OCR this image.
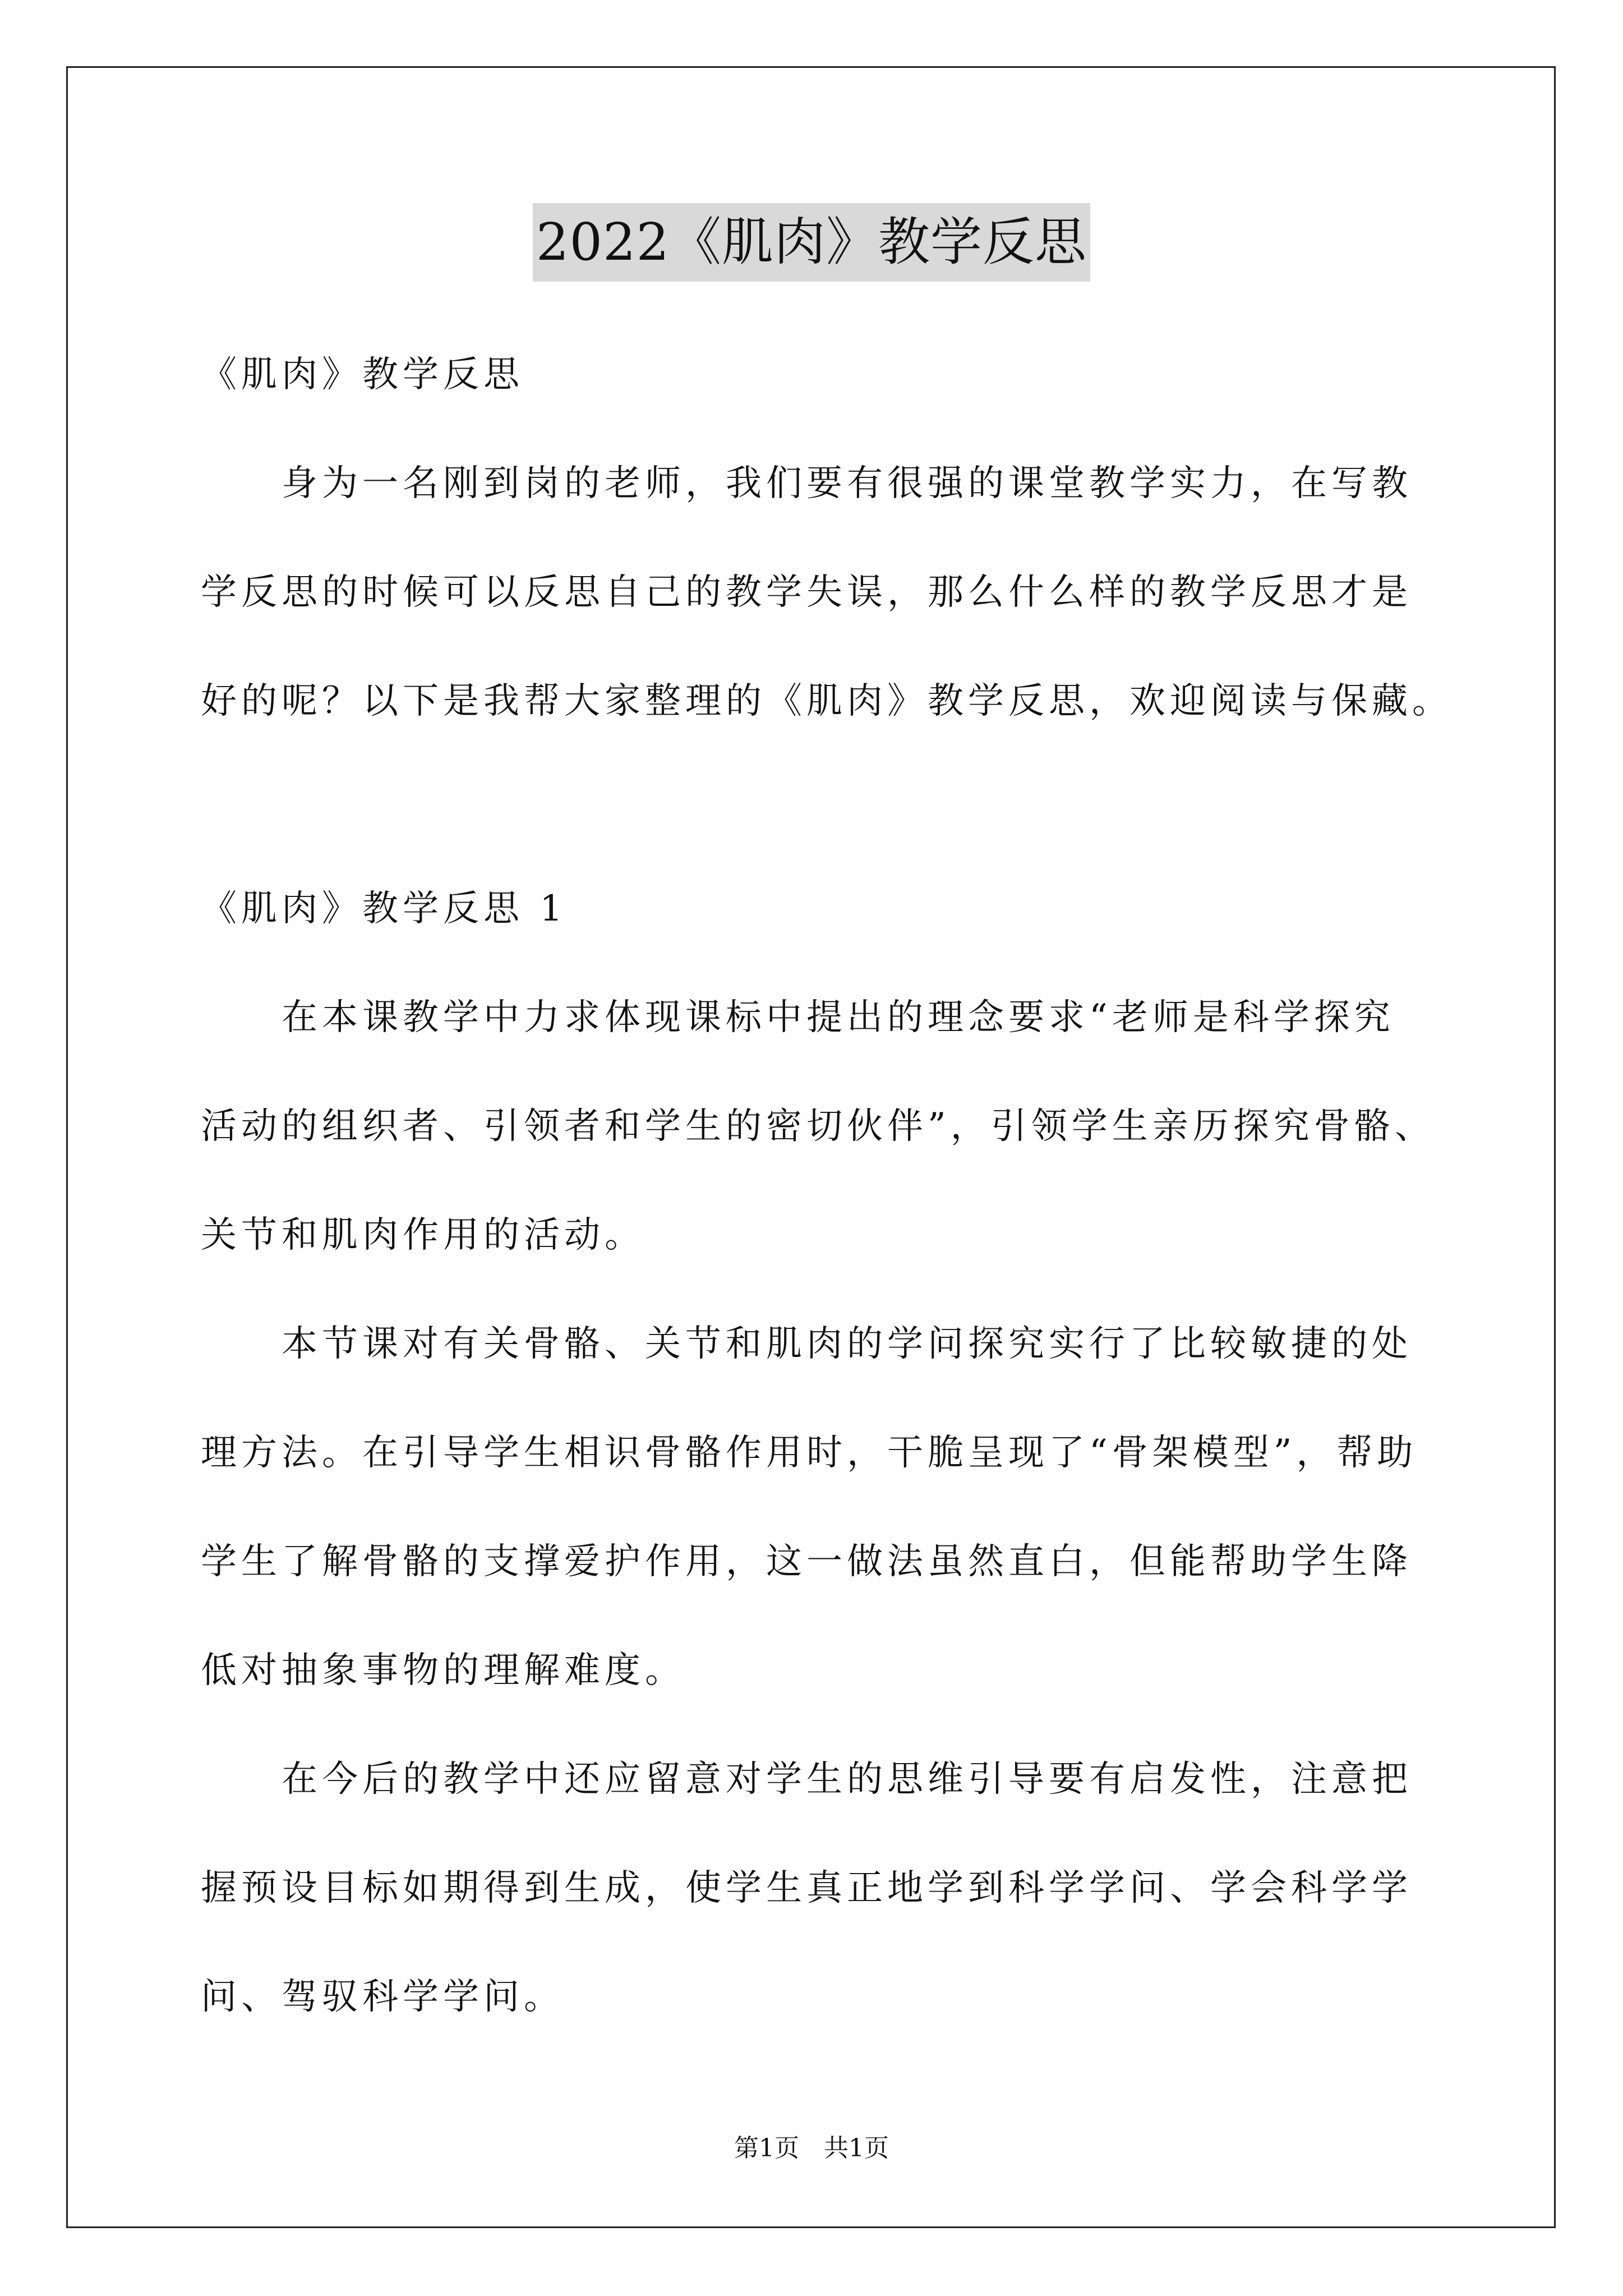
2022《肌肉》教学反思
《肌肉》教学反思
身为一名刚到岗的老师，我们要有很强的课堂教学实力，在写教
学反思的时候可以反思自己的教学失误，那么什么样的教学反思才是
好的呢？以下是我帮大家整理的《肌肉》教学反思，欢迎阅读与保藏。
《肌肉》教学反思 1
在本课教学中力求体现课标中提出的理念要求“老师是科学探究
活动的组织者、引领者和学生的密切伙伴”，引领学生亲历探究骨骼、
关节和肌肉作用的活动。
本节课对有关骨骼、关节和肌肉的学问探究实行了比较敏捷的处
理方法。在引导学生相识骨骼作用时，干脆呈现了“骨架模型”，帮助
学生了解骨骼的支撑爱护作用，这一做法虽然直白，但能帮助学生降
低对抽象事物的理解难度。
在今后的教学中还应留意对学生的思维引导要有启发性，注意把
握预设目标如期得到生成，使学生真正地学到科学学问、学会科学学
问、驾驭科学学问。
第1页　共1页
